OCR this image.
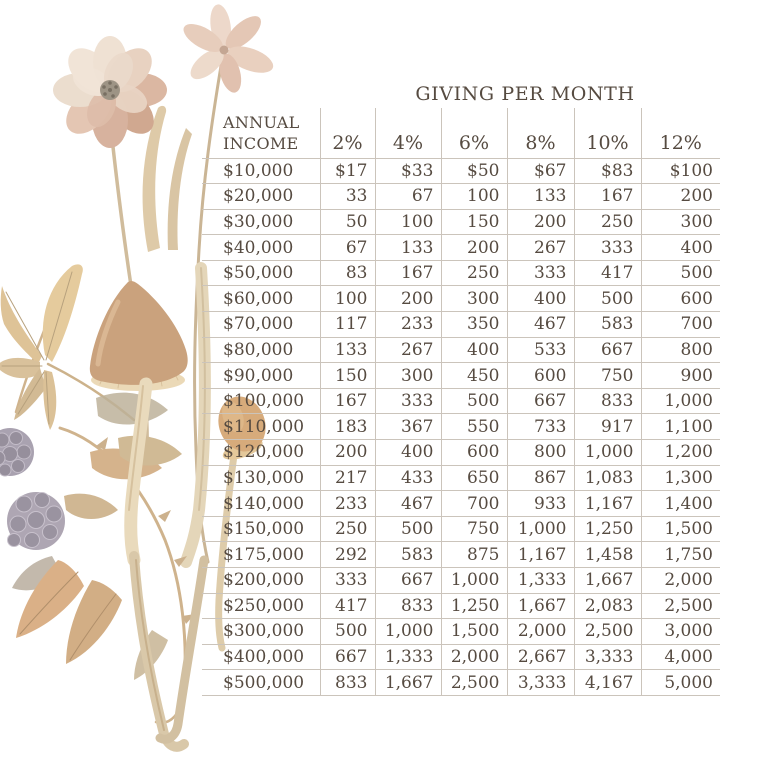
GIVING PER MONTH
ANNUAL
INCOME	2%	4%	6%	8%	10%	12%
$10,000	$17	$33	$50	$67	$83	$100
$20,000	33	67	100	133	167	200
$30,000	50	100	150	200	250	300
$40,000	67	133	200	267	333	400
$50,000	83	167	250	333	417	500
$60,000	100	200	300	400	500	600
$70,000	117	233	350	467	583	700
$80,000	133	267	400	533	667	800
$90,000	150	300	450	600	750	900
$100,000	167	333	500	667	833	1,000
$110,000	183	367	550	733	917	1,100
$120,000	200	400	600	800	1,000	1,200
$130,000	217	433	650	867	1,083	1,300
$140,000	233	467	700	933	1,167	1,400
$150,000	250	500	750	1,000	1,250	1,500
$175,000	292	583	875	1,167	1,458	1,750
$200,000	333	667	1,000	1,333	1,667	2,000
$250,000	417	833	1,250	1,667	2,083	2,500
$300,000	500	1,000	1,500	2,000	2,500	3,000
$400,000	667	1,333	2,000	2,667	3,333	4,000
$500,000	833	1,667	2,500	3,333	4,167	5,000
